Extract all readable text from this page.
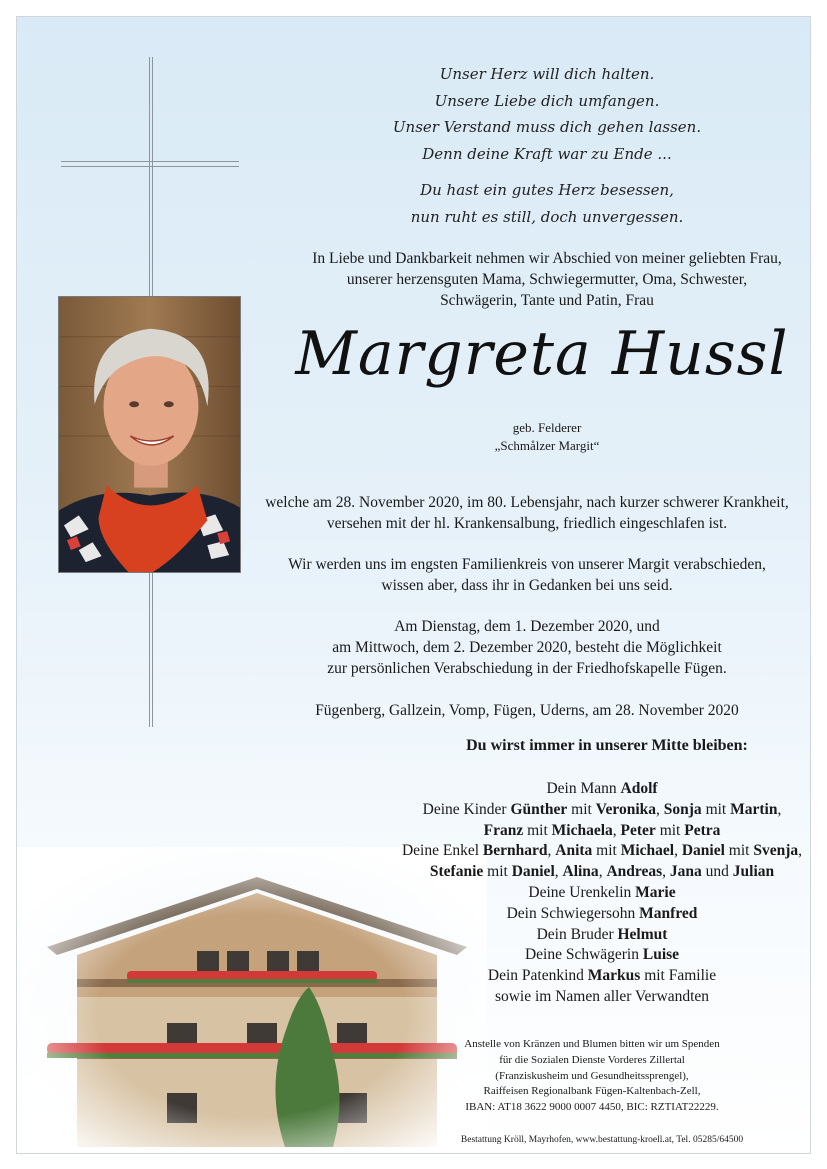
Unser Herz will dich halten.
Unsere Liebe dich umfangen.
Unser Verstand muss dich gehen lassen.
Denn deine Kraft war zu Ende ...
Du hast ein gutes Herz besessen,
nun ruht es still, doch unvergessen.
In Liebe und Dankbarkeit nehmen wir Abschied von meiner geliebten Frau,
unserer herzensguten Mama, Schwiegermutter, Oma, Schwester,
Schwägerin, Tante und Patin, Frau
Margreta Hussl
geb. Felderer
„Schmålzer Margit“
welche am 28. November 2020, im 80. Lebensjahr, nach kurzer schwerer Krankheit,
versehen mit der hl. Krankensalbung, friedlich eingeschlafen ist.
Wir werden uns im engsten Familienkreis von unserer Margit verabschieden,
wissen aber, dass ihr in Gedanken bei uns seid.
Am Dienstag, dem 1. Dezember 2020, und
am Mittwoch, dem 2. Dezember 2020, besteht die Möglichkeit
zur persönlichen Verabschiedung in der Friedhofskapelle Fügen.
Fügenberg, Gallzein, Vomp, Fügen, Uderns, am 28. November 2020
Du wirst immer in unserer Mitte bleiben:
Dein Mann Adolf
Deine Kinder Günther mit Veronika, Sonja mit Martin,
Franz mit Michaela, Peter mit Petra
Deine Enkel Bernhard, Anita mit Michael, Daniel mit Svenja,
Stefanie mit Daniel, Alina, Andreas, Jana und Julian
Deine Urenkelin Marie
Dein Schwiegersohn Manfred
Dein Bruder Helmut
Deine Schwägerin Luise
Dein Patenkind Markus mit Familie
sowie im Namen aller Verwandten
Anstelle von Kränzen und Blumen bitten wir um Spenden
für die Sozialen Dienste Vorderes Zillertal
(Franziskusheim und Gesundheitssprengel),
Raiffeisen Regionalbank Fügen-Kaltenbach-Zell,
IBAN: AT18 3622 9000 0007 4450, BIC: RZTIAT22229.
Bestattung Kröll, Mayrhofen, www.bestattung-kroell.at, Tel. 05285/64500
